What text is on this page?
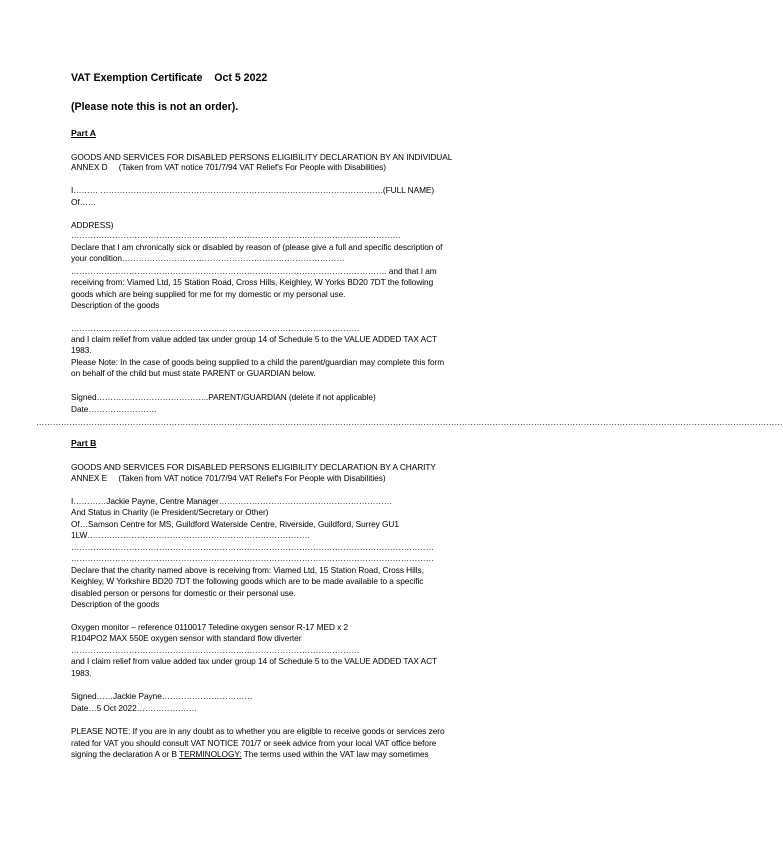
VAT Exemption Certificate    Oct 5 2022
(Please note this is not an order).
Part A
GOODS AND SERVICES FOR DISABLED PERSONS ELIGIBILITY DECLARATION BY AN INDIVIDUAL
ANNEX D     (Taken from VAT notice 701/7/94 VAT Relief's For People with Disabilities)
I……… ………………………………………………………………………………………….(FULL NAME)
Of……
ADDRESS)
…………………………………………………………………………………………………………
Declare that I am chronically sick or disabled by reason of (please give a full and specific description of
your condition………………………………………………………………………
……………………………………………………………………………………………………. and that I am
receiving from: Viamed Ltd, 15 Station Road, Cross Hills, Keighley, W Yorks BD20 7DT the following
goods which are being supplied for me for my domestic or my personal use.
Description of the goods
……………………………………………………………………………………………
and I claim relief from value added tax under group 14 of Schedule 5 to the VALUE ADDED TAX ACT
1983.
Please Note: In the case of goods being supplied to a child the parent/guardian may complete this form
on behalf of the child but must state PARENT or GUARDIAN below.
Signed…………………………………..PARENT/GUARDIAN (delete if not applicable)
Date…………………….
………………………………………………………………………………………………………………………………………………………………………………………………………………………………………………
Part B
GOODS AND SERVICES FOR DISABLED PERSONS ELIGIBILITY DECLARATION BY A CHARITY
ANNEX E     (Taken from VAT notice 701/7/94 VAT Relief's For People with Disabilities)
I…………Jackie Payne, Centre Manager………………………………………………………
And Status in Charity (ie President/Secretary or Other)
Of…Samson Centre for MS, Guildford Waterside Centre, Riverside, Guildford, Surrey GU1
1LW………………………………………………………………………
……………………………………………………………………………………………………………………
……………………………………………………………………………………………………………………
Declare that the charity named above is receiving from: Viamed Ltd, 15 Station Road, Cross Hills,
Keighley, W Yorkshire BD20 7DT the following goods which are to be made available to a specific
disabled person or persons for domestic or their personal use.
Description of the goods
Oxygen monitor – reference 0110017 Teledine oxygen sensor R-17 MED x 2
R104PO2 MAX 550E oxygen sensor with standard flow diverter
……………………………………………………………………………………………
and I claim relief from value added tax under group 14 of Schedule 5 to the VALUE ADDED TAX ACT
1983.
Signed……Jackie Payne……………………………
Date…5 Oct 2022………………….
PLEASE NOTE: If you are in any doubt as to whether you are eligible to receive goods or services zero
rated for VAT you should consult VAT NOTICE 701/7 or seek advice from your local VAT office before
signing the declaration A or B TERMINOLOGY: The terms used within the VAT law may sometimes
